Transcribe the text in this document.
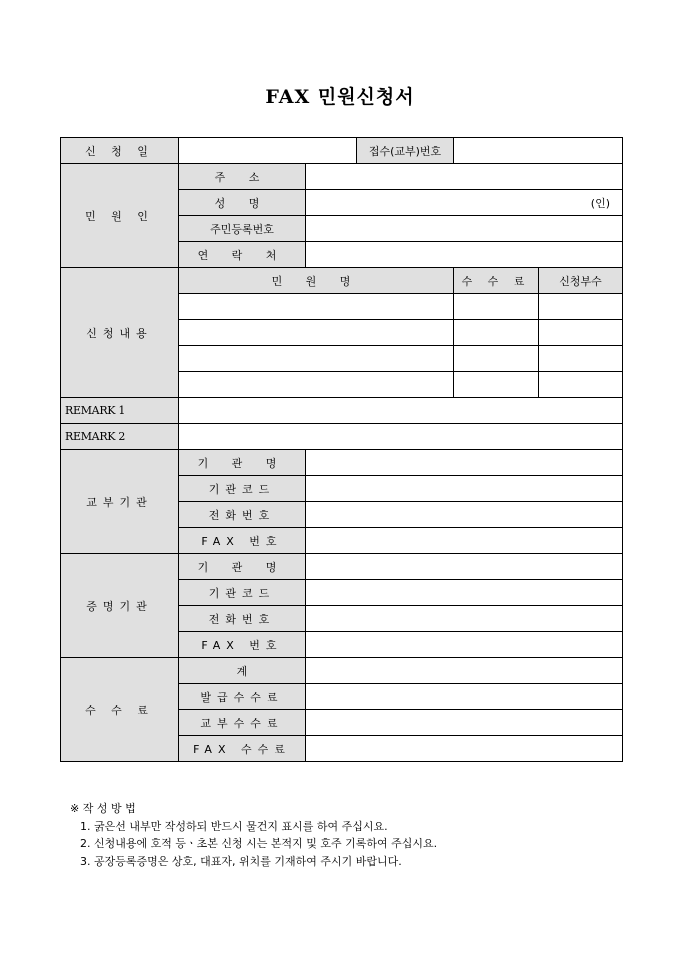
FAX 민원신청서
신 청 일			접수(교부)번호		
민 원 인	주 소				
	성 명	(인)			
	주민등록번호				
	연 락 처				
신청내용	민 원 명			수 수 료	신청부수

REMARK 1					
REMARK 2					
교부기관	기 관 명				
	기관코드				
	전화번호				
	FAX 번호				
증명기관	기 관 명				
	기관코드				
	전화번호				
	FAX 번호				
수 수 료	계				
	발급수수료				
	교부수수료				
	FAX 수수료				
※ 작 성 방 법
1. 굵은선 내부만 작성하되 반드시 물건지 표시를 하여 주십시요.
2. 신청내용에 호적 등ㆍ초본 신청 시는 본적지 및 호주 기록하여 주십시요.
3. 공장등록증명은 상호, 대표자, 위치를 기재하여 주시기 바랍니다.
